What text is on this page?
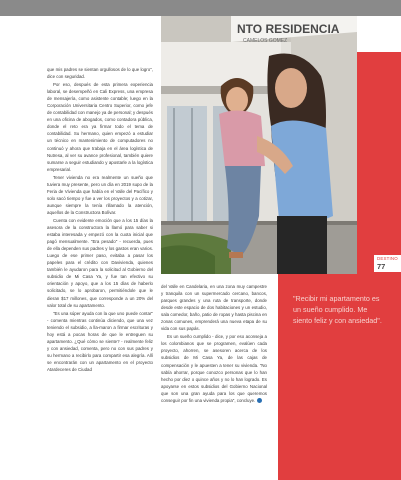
que mis padres se sientan orgullosos de lo que logro", dice con seguridad.

Por eso, después de esta primera experiencia laboral, se desempeñó en Cali Express, una empresa de mensajería, como asistente contable; luego en la Corporación Universitaria Centro Superior, como jefe de contabilidad con manejo ya de personal; y después en una oficina de abogados, como contadora pública, donde el reto era ya firmar todo el tema de contabilidad. Su hermano, quien empezó a estudiar un técnico en mantenimiento de computadores no continuó y ahora que trabaja en el área logística de Nutresa, al ver su avance profesional, también quiere sumarse a seguir estudiando y apostarle a la logística empresarial.

Tener vivienda no era realmente un sueño que tuviera muy presente, pero un día en 2019 supo de la Feria de Vivienda que había en el Valle del Pacífico y solo sacó tiempo y fue a ver los proyectos y a cotizar, aunque siempre la tenía rillamado la atención, aquellos de la Constructora Bolívar.

Cuenta con evidente emoción que a los 15 días la asesora de la constructora la llamó para saber si estaba interesada y empezó con la cuota inicial que pagó mensualmente. "Era pesado" - recuerda, pues de ella dependen sus padres y los gastos eran varios. Luego de ese primer paso, evitaba a pasar los papeles para el crédito con Davivienda, quienes también le ayudaron para la solicitud al Gobierno del subsidio de Mi Casa Ya, y fue tan efectivo su orientación y apoyo, que a los 15 días de haberlo solicitado, se lo aprobaron, permitiéndole que le dieran $17 millones, que corresponde a un 20% del valor total de su apartamento.

"Es una súper ayuda con la que uno puede contar" - comenta mientras continúa diciendo, que una vez teniendo el subsidio, a lla-maron a firmar escrituras y hoy está a pocas horas de que le entreguen su apartamento. ¿Qué cómo se siente? - realmente feliz y con ansiedad, comenta, pero no con sus padres y su hermano a recibirlo para compartir esa alegría. Allí se encontrarán con un apartamento en el proyecto Atardeceres de Ciudad

NTO RESIDENCIA
CAMELOS GOMEZ
"Recibir mi apartamento es un sueño cumplido. Me siento feliz y con ansiedad".
DESTINO
77

del Valle en Candelaria, en una zona muy campestre y tranquila con un supermercado cercano, bancos, parques grandes y una ruta de transporte, donde desde este espacio de dos habitaciones y un estudio, sala comedor, baño, patio de ropas y hasta piscina en zonas comunes, emprenderá una nueva etapa de su vida con sus papás.

Es un sueño cumplido - dice, y por eso aconseja a los colombianos que se programen, evalúen cada proyecto, ahorren, se asesoren acerca de los subsidios de Mi Casa Ya, de las cajas de compensación y le apuesten a tener su vivienda. "No sabía ahorrar, porque conozco personas que lo han hecho por diez o quince años y no lo han logrado. Es apoyarse en estos subsidios del Gobierno Nacional que son una gran ayuda para los que queremos conseguir por fin una vivienda propia", concluye.
